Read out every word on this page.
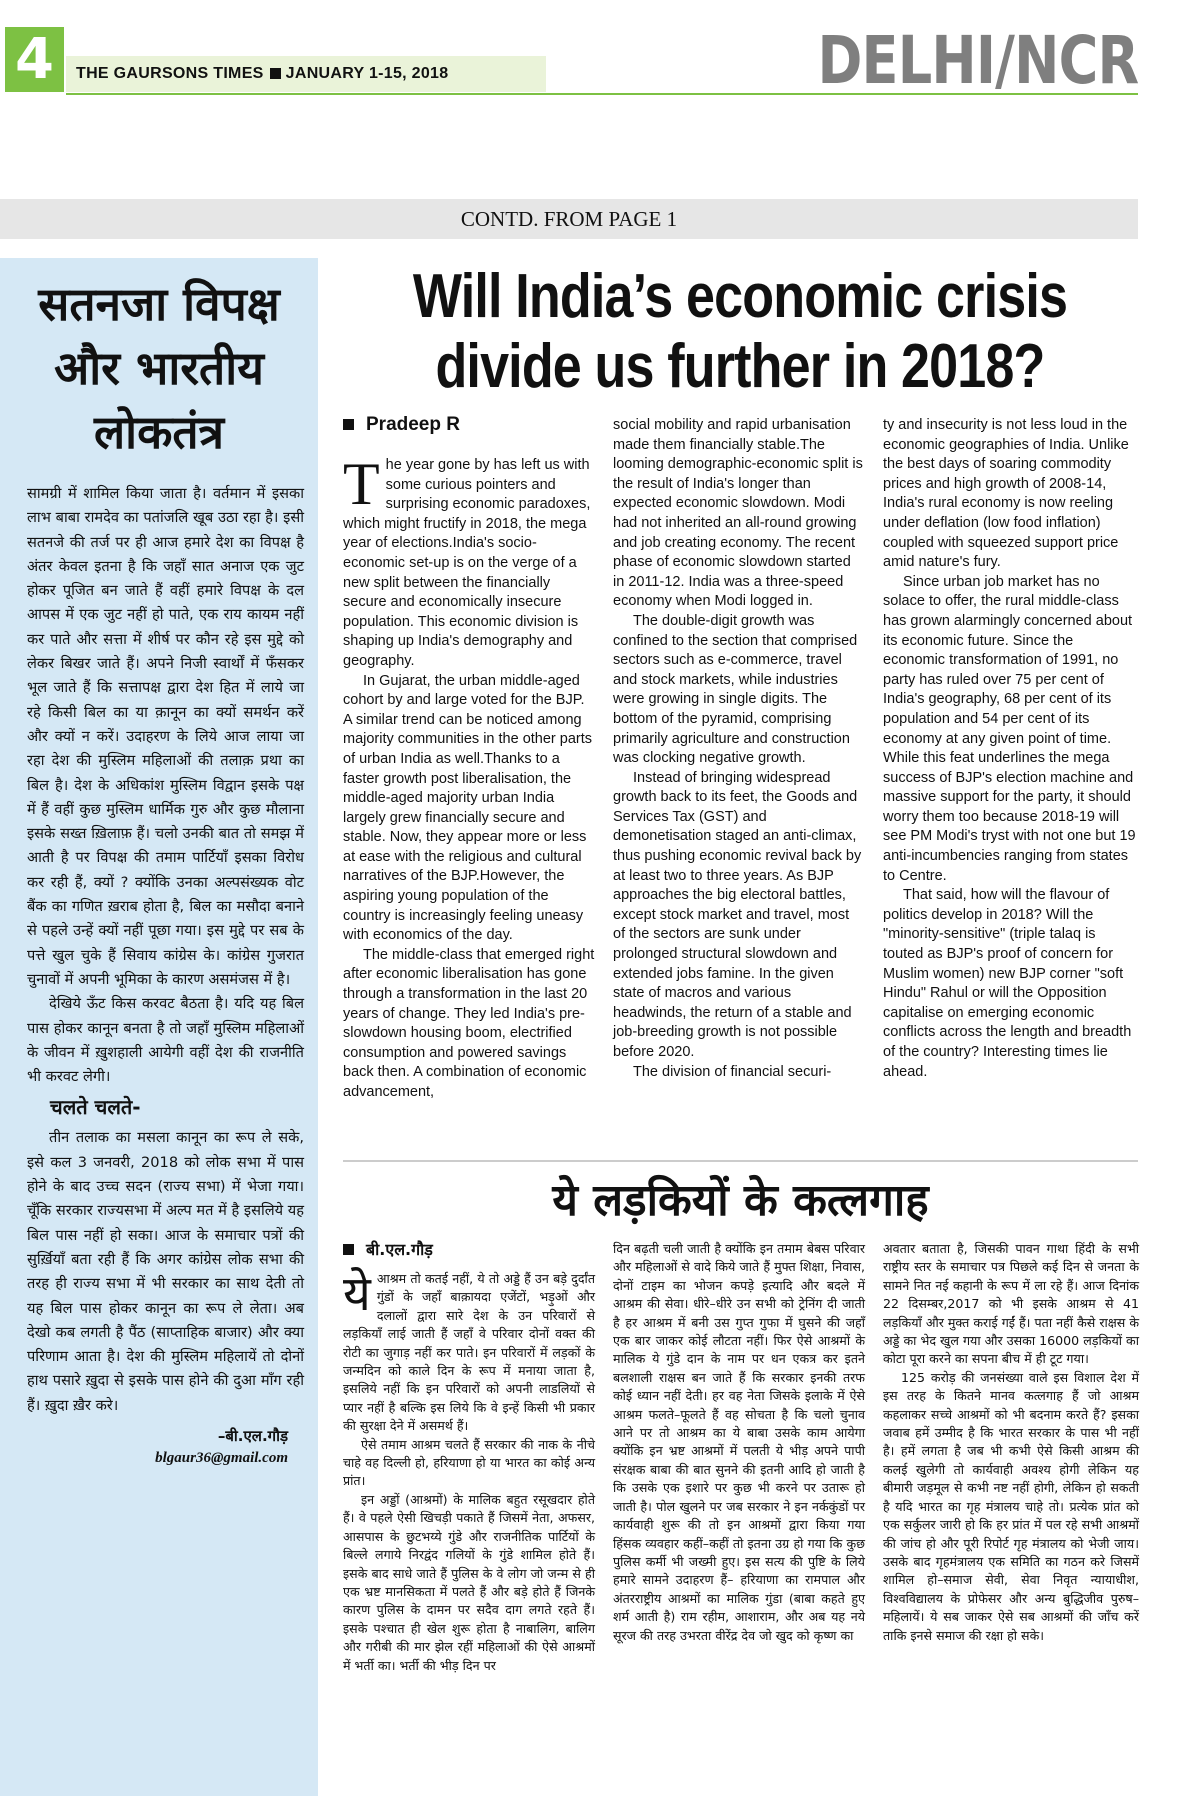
4	THE GAURSONS TIMES JANUARY 1-15, 2018	DELHI/NCR
CONTD. FROM PAGE 1
सतनजा विपक्ष और भारतीय लोकतंत्र

सामग्री में शामिल किया जाता है। वर्तमान में इसका लाभ बाबा रामदेव का पतांजलि खूब उठा रहा है। इसी सतनजे की तर्ज पर ही आज हमारे देश का विपक्ष है अंतर केवल इतना है कि जहाँ सात अनाज एक जुट होकर पूजित बन जाते हैं वहीं हमारे विपक्ष के दल आपस में एक जुट नहीं हो पाते, एक राय कायम नहीं कर पाते और सत्ता में शीर्ष पर कौन रहे इस मुद्दे को लेकर बिखर जाते हैं। अपने निजी स्वार्थों में फँसकर भूल जाते हैं कि सत्तापक्ष द्वारा देश हित में लाये जा रहे किसी बिल का या क़ानून का क्यों समर्थन करें और क्यों न करें। उदाहरण के लिये आज लाया जा रहा देश की मुस्लिम महिलाओं की तलाक़ प्रथा का बिल है। देश के अधिकांश मुस्लिम विद्वान इसके पक्ष में हैं वहीं कुछ मुस्लिम धार्मिक गुरु और कुछ मौलाना इसके सख्त ख़िलाफ़ हैं। चलो उनकी बात तो समझ में आती है पर विपक्ष की तमाम पार्टियाँ इसका विरोध कर रही हैं, क्यों ? क्योंकि उनका अल्पसंख्यक वोट बैंक का गणित ख़राब होता है, बिल का मसौदा बनाने से पहले उन्हें क्यों नहीं पूछा गया। इस मुद्दे पर सब के पत्ते खुल चुके हैं सिवाय कांग्रेस के। कांग्रेस गुजरात चुनावों में अपनी भूमिका के कारण असमंजस में है।

देखिये ऊँट किस करवट बैठता है। यदि यह बिल पास होकर कानून बनता है तो जहाँ मुस्लिम महिलाओं के जीवन में ख़ुशहाली आयेगी वहीं देश की राजनीति भी करवट लेगी।

चलते चलते-

तीन तलाक का मसला कानून का रूप ले सके, इसे कल 3 जनवरी, 2018 को लोक सभा में पास होने के बाद उच्च सदन (राज्य सभा) में भेजा गया। चूँकि सरकार राज्यसभा में अल्प मत में है इसलिये यह बिल पास नहीं हो सका। आज के समाचार पत्रों की सुर्ख़ियाँ बता रही हैं कि अगर कांग्रेस लोक सभा की तरह ही राज्य सभा में भी सरकार का साथ देती तो यह बिल पास होकर कानून का रूप ले लेता। अब देखो कब लगती है पैंठ (साप्ताहिक बाजार) और क्या परिणाम आता है। देश की मुस्लिम महिलायें तो दोनों हाथ पसारे ख़ुदा से इसके पास होने की दुआ माँग रही हैं। ख़ुदा ख़ैर करे।

–बी.एल.गौड़
blgaur36@gmail.com
Will India’s economic crisis divide us further in 2018?
Pradeep R
T he year gone by has left us with some curious pointers and surprising economic paradoxes, which might fructify in 2018, the mega year of elections.India's socio-economic set-up is on the verge of a new split between the financially secure and economically insecure population. This economic division is shaping up India's demography and geography.
In Gujarat, the urban middle-aged cohort by and large voted for the BJP. A similar trend can be noticed among majority communities in the other parts of urban India as well.Thanks to a faster growth post liberalisation, the middle-aged majority urban India largely grew financially secure and stable. Now, they appear more or less at ease with the religious and cultural narratives of the BJP.However, the aspiring young population of the country is increasingly feeling uneasy with economics of the day.
The middle-class that emerged right after economic liberalisation has gone through a transformation in the last 20 years of change. They led India's pre-slowdown housing boom, electrified consumption and powered savings back then. A combination of economic advancement,
social mobility and rapid urbanisation made them financially stable.The looming demographic-economic split is the result of India's longer than expected economic slowdown. Modi had not inherited an all-round growing and job creating economy. The recent phase of economic slowdown started in 2011-12. India was a three-speed economy when Modi logged in.
The double-digit growth was confined to the section that comprised sectors such as e-commerce, travel and stock markets, while industries were growing in single digits. The bottom of the pyramid, comprising primarily agriculture and construction was clocking negative growth.
Instead of bringing widespread growth back to its feet, the Goods and Services Tax (GST) and demonetisation staged an anti-climax, thus pushing economic revival back by at least two to three years. As BJP approaches the big electoral battles, except stock market and travel, most of the sectors are sunk under prolonged structural slowdown and extended jobs famine. In the given state of macros and various headwinds, the return of a stable and job-breeding growth is not possible before 2020.
The division of financial securi-
ty and insecurity is not less loud in the economic geographies of India. Unlike the best days of soaring commodity prices and high growth of 2008-14, India's rural economy is now reeling under deflation (low food inflation) coupled with squeezed support price amid nature's fury.
Since urban job market has no solace to offer, the rural middle-class has grown alarmingly concerned about its economic future. Since the economic transformation of 1991, no party has ruled over 75 per cent of India's geography, 68 per cent of its population and 54 per cent of its economy at any given point of time. While this feat underlines the mega success of BJP's election machine and massive support for the party, it should worry them too because 2018-19 will see PM Modi's tryst with not one but 19 anti-incumbencies ranging from states to Centre.
That said, how will the flavour of politics develop in 2018? Will the "minority-sensitive" (triple talaq is touted as BJP's proof of concern for Muslim women) new BJP corner "soft Hindu" Rahul or will the Opposition capitalise on emerging economic conflicts across the length and breadth of the country? Interesting times lie ahead.
ये लड़कियों के कत्लगाह
बी.एल.गौड़
ये आश्रम तो कतई नहीं, ये तो अड्डे हैं उन बड़े दुर्दांत गुंडों के जहाँ बाक़ायदा एजेंटों, भड़ुओं और दलालों द्वारा सारे देश के उन परिवारों से लड़कियाँ लाई जाती हैं जहाँ वे परिवार दोनों वक्त की रोटी का जुगाड़ नहीं कर पाते। इन परिवारों में लड़कों के जन्मदिन को काले दिन के रूप में मनाया जाता है, इसलिये नहीं कि इन परिवारों को अपनी लाडलियों से प्यार नहीं है बल्कि इस लिये कि वे इन्हें किसी भी प्रकार की सुरक्षा देने में असमर्थ हैं।
ऐसे तमाम आश्रम चलते हैं सरकार की नाक के नीचे चाहे वह दिल्ली हो, हरियाणा हो या भारत का कोई अन्य प्रांत।
इन अड्डों (आश्रमों) के मालिक बहुत रसूखदार होते हैं। वे पहले ऐसी खिचड़ी पकाते हैं जिसमें नेता, अफसर, आसपास के छुटभय्ये गुंडे और राजनीतिक पार्टियों के बिल्ले लगाये निरद्वंद गलियों के गुंडे शामिल होते हैं। इसके बाद साधे जाते हैं पुलिस के वे लोग जो जन्म से ही एक भ्रष्ट मानसिकता में पलते हैं और बड़े होते हैं जिनके कारण पुलिस के दामन पर सदैव दाग लगते रहते हैं। इसके पश्चात ही खेल शुरू होता है नाबालिग, बालिग और गरीबी की मार झेल रहीं महिलाओं की ऐसे आश्रमों में भर्ती का। भर्ती की भीड़ दिन पर
दिन बढ़ती चली जाती है क्योंकि इन तमाम बेबस परिवार और महिलाओं से वादे किये जाते हैं मुफ्त शिक्षा, निवास, दोनों टाइम का भोजन कपड़े इत्यादि और बदले में आश्रम की सेवा। धीरे–धीरे उन सभी को ट्रेनिंग दी जाती है हर आश्रम में बनी उस गुप्त गुफा में घुसने की जहाँ एक बार जाकर कोई लौटता नहीं। फिर ऐसे आश्रमों के मालिक ये गुंडे दान के नाम पर धन एकत्र कर इतने बलशाली राक्षस बन जाते हैं कि सरकार इनकी तरफ कोई ध्यान नहीं देती। हर वह नेता जिसके इलाके में ऐसे आश्रम फलते–फूलते हैं वह सोचता है कि चलो चुनाव आने पर तो आश्रम का ये बाबा उसके काम आयेगा क्योंकि इन भ्रष्ट आश्रमों में पलती ये भीड़ अपने पापी संरक्षक बाबा की बात सुनने की इतनी आदि हो जाती है कि उसके एक इशारे पर कुछ भी करने पर उतारू हो जाती है। पोल खुलने पर जब सरकार ने इन नर्ककुंडों पर कार्यवाही शुरू की तो इन आश्रमों द्वारा किया गया हिंसक व्यवहार कहीं–कहीं तो इतना उग्र हो गया कि कुछ पुलिस कर्मी भी जख्मी हुए। इस सत्य की पुष्टि के लिये हमारे सामने उदाहरण हैं– हरियाणा का रामपाल और अंतरराष्ट्रीय आश्रमों का मालिक गुंडा (बाबा कहते हुए शर्म आती है) राम रहीम, आशाराम, और अब यह नये सूरज की तरह उभरता वीरेंद्र देव जो खुद को कृष्ण का
अवतार बताता है, जिसकी पावन गाथा हिंदी के सभी राष्ट्रीय स्तर के समाचार पत्र पिछले कई दिन से जनता के सामने नित नई कहानी के रूप में ला रहे हैं। आज दिनांक 22 दिसम्बर,2017 को भी इसके आश्रम से 41 लड़कियाँ और मुक्त कराई गईं हैं। पता नहीं कैसे राक्षस के अड्डे का भेद खुल गया और उसका 16000 लड़कियों का कोटा पूरा करने का सपना बीच में ही टूट गया।
125 करोड़ की जनसंख्या वाले इस विशाल देश में इस तरह के कितने मानव कत्लगाह हैं जो आश्रम कहलाकर सच्चे आश्रमों को भी बदनाम करते हैं? इसका जवाब हमें उम्मीद है कि भारत सरकार के पास भी नहीं है। हमें लगता है जब भी कभी ऐसे किसी आश्रम की कलई खुलेगी तो कार्यवाही अवश्य होगी लेकिन यह बीमारी जड़मूल से कभी नष्ट नहीं होगी, लेकिन हो सकती है यदि भारत का गृह मंत्रालय चाहे तो। प्रत्येक प्रांत को एक सर्कुलर जारी हो कि हर प्रांत में पल रहे सभी आश्रमों की जांच हो और पूरी रिपोर्ट गृह मंत्रालय को भेजी जाय। उसके बाद गृहमंत्रालय एक समिति का गठन करे जिसमें शामिल हो–समाज सेवी, सेवा निवृत न्यायाधीश, विश्वविद्यालय के प्रोफेसर और अन्य बुद्धिजीव पुरुष–महिलायें। ये सब जाकर ऐसे सब आश्रमों की जाँच करें ताकि इनसे समाज की रक्षा हो सके।
